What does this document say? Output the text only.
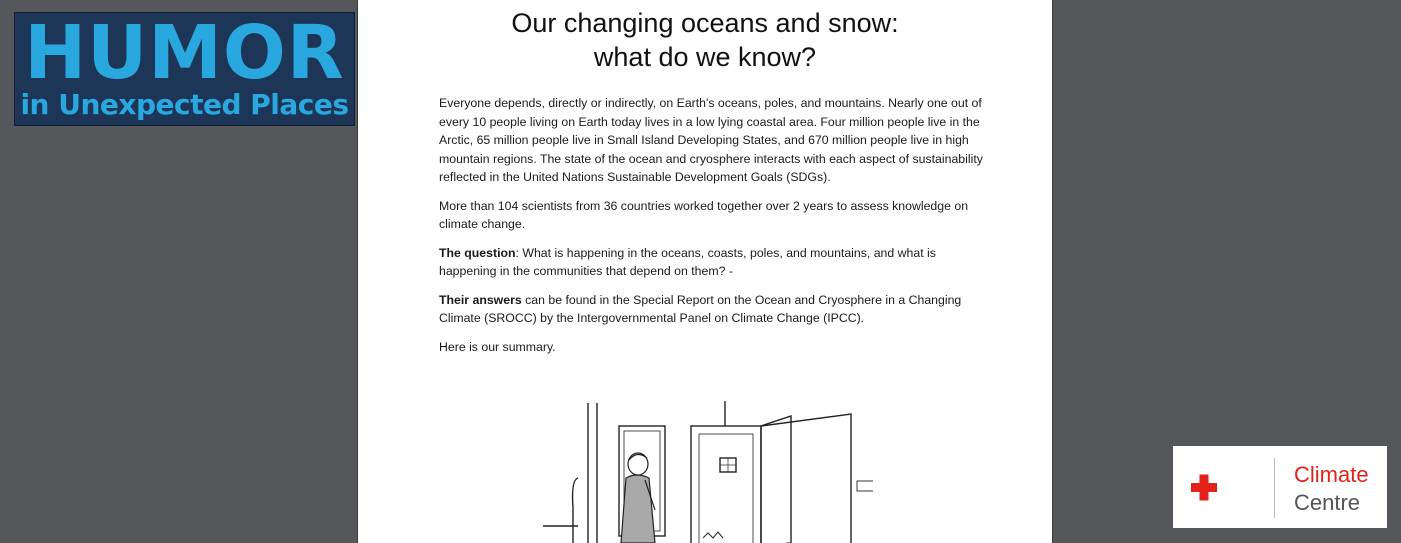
HUMOR
in Unexpected Places
Our changing oceans and snow:
what do we know?

Everyone depends, directly or indirectly, on Earth's oceans, poles, and mountains. Nearly one out of every 10 people living on Earth today lives in a low lying coastal area. Four million people live in the Arctic, 65 million people live in Small Island Developing States, and 670 million people live in high mountain regions. The state of the ocean and cryosphere interacts with each aspect of sustainability reflected in the United Nations Sustainable Development Goals (SDGs).

More than 104 scientists from 36 countries worked together over 2 years to assess knowledge on climate change.

The question: What is happening in the oceans, coasts, poles, and mountains, and what is happening in the communities that depend on them? -

Their answers can be found in the Special Report on the Ocean and Cryosphere in a Changing Climate (SROCC) by the Intergovernmental Panel on Climate Change (IPCC).

Here is our summary.

Climate
Centre
